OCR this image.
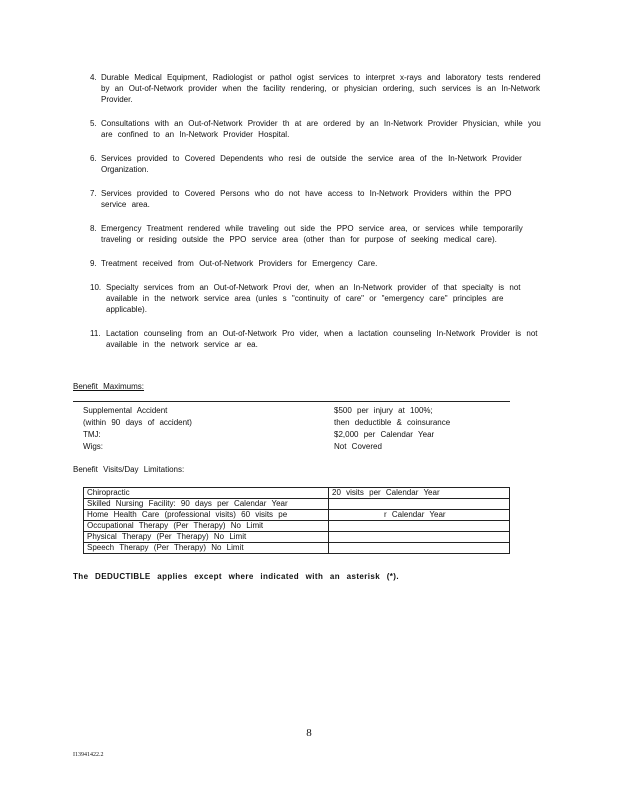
4. Durable Medical Equipment, Radiologist or pathol ogist services to interpret x-rays and laboratory tests rendered by an Out-of-Network provider when the facility rendering, or physician ordering, such services is an In-Network Provider.
5. Consultations with an Out-of-Network Provider th at are ordered by an In-Network Provider Physician, while you are confined to an In-Network Provider Hospital.
6. Services provided to Covered Dependents who resi de outside the service area of the In-Network Provider Organization.
7. Services provided to Covered Persons who do not have access to In-Network Providers within the PPO service area.
8. Emergency Treatment rendered while traveling out side the PPO service area, or services while temporarily traveling or residing outside the PPO service area (other than for purpose of seeking medical care).
9. Treatment received from Out-of-Network Providers for Emergency Care.
10. Specialty services from an Out-of-Network Provi der, when an In-Network provider of that specialty is not available in the network service area (unles s "continuity of care" or "emergency care" principles are applicable).
11. Lactation counseling from an Out-of-Network Pro vider, when a lactation counseling In-Network Provider is not available in the network service ar ea.
Benefit Maximums:
Supplemental Accident	$500 per injury at 100%;
(within 90 days of accident)	then deductible & coinsurance
TMJ:	$2,000 per Calendar Year
Wigs:	Not Covered
Benefit Visits/Day Limitations:
Chiropractic	20 visits per Calendar Year
Skilled Nursing Facility: 90 days per Calendar Year	
Home Health Care (professional visits) 60 visits pe	r Calendar Year
Occupational Therapy (Per Therapy) No Limit	
Physical Therapy (Per Therapy) No Limit	
Speech Therapy (Per Therapy) No Limit	
The DEDUCTIBLE applies except where indicated with an asterisk (*).
8
I13941422.2
